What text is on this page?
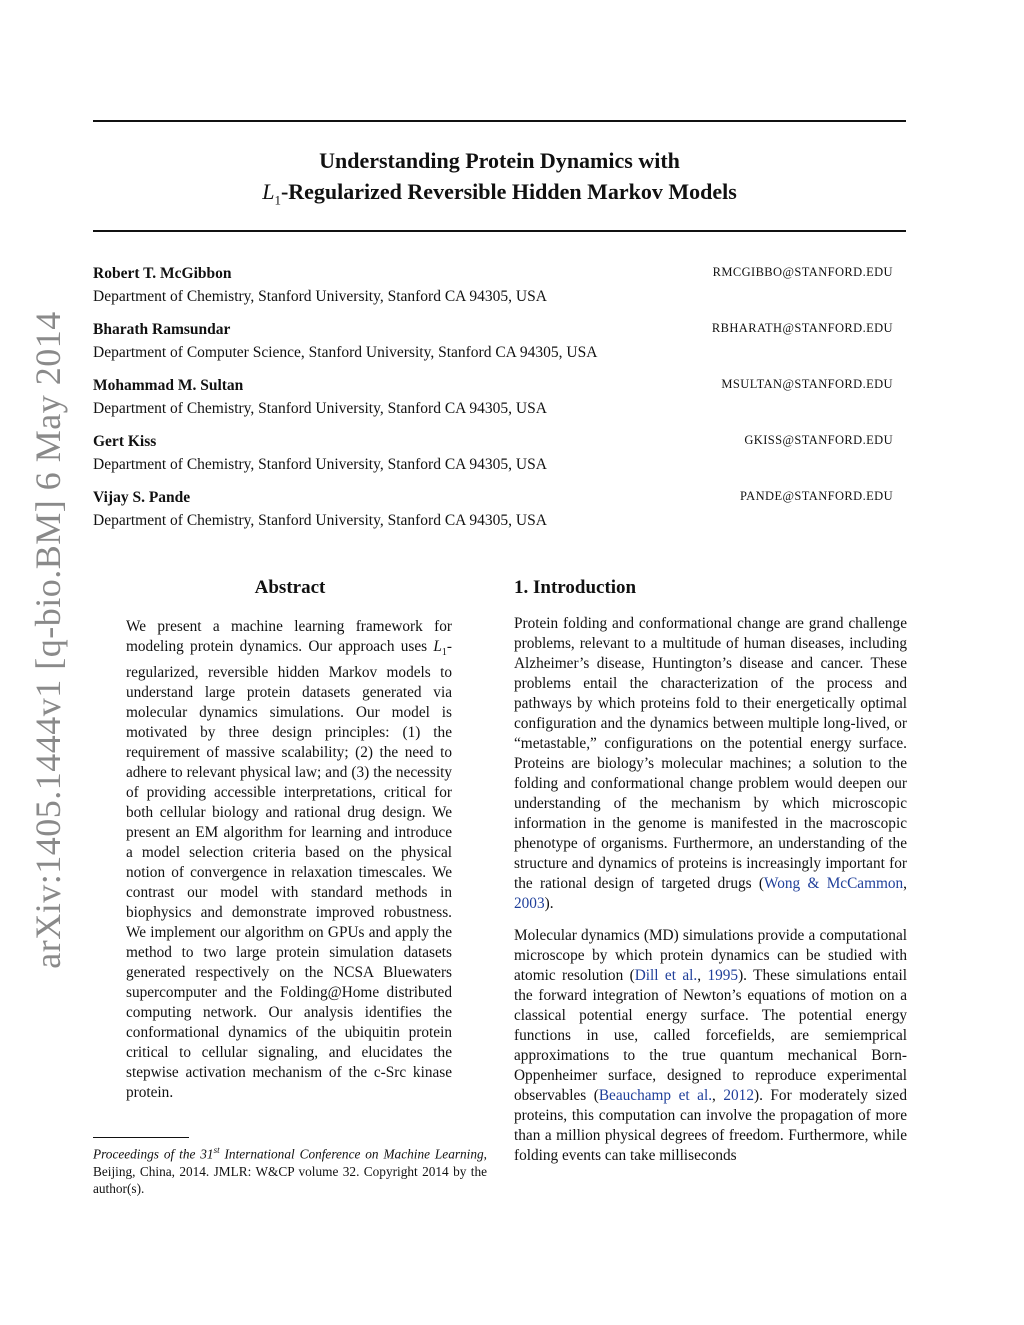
arXiv:1405.1444v1 [q-bio.BM] 6 May 2014
Understanding Protein Dynamics with
$L_1$-Regularized Reversible Hidden Markov Models
Robert T. McGibbon	RMCGIBBO@STANFORD.EDU
Department of Chemistry, Stanford University, Stanford CA 94305, USA
Bharath Ramsundar	RBHARATH@STANFORD.EDU
Department of Computer Science, Stanford University, Stanford CA 94305, USA
Mohammad M. Sultan	MSULTAN@STANFORD.EDU
Department of Chemistry, Stanford University, Stanford CA 94305, USA
Gert Kiss	GKISS@STANFORD.EDU
Department of Chemistry, Stanford University, Stanford CA 94305, USA
Vijay S. Pande	PANDE@STANFORD.EDU
Department of Chemistry, Stanford University, Stanford CA 94305, USA
Abstract
We present a machine learning framework for modeling protein dynamics. Our approach uses $L_1$-regularized, reversible hidden Markov models to understand large protein datasets generated via molecular dynamics simulations. Our model is motivated by three design principles: (1) the requirement of massive scalability; (2) the need to adhere to relevant physical law; and (3) the necessity of providing accessible interpretations, critical for both cellular biology and rational drug design. We present an EM algorithm for learning and introduce a model selection criteria based on the physical notion of convergence in relaxation timescales. We contrast our model with standard methods in biophysics and demonstrate improved robustness. We implement our algorithm on GPUs and apply the method to two large protein simulation datasets generated respectively on the NCSA Bluewaters supercomputer and the Folding@Home distributed computing network. Our analysis identifies the conformational dynamics of the ubiquitin protein critical to cellular signaling, and elucidates the stepwise activation mechanism of the c-Src kinase protein.
Proceedings of the 31st International Conference on Machine Learning, Beijing, China, 2014. JMLR: W&CP volume 32. Copyright 2014 by the author(s).
1. Introduction

Protein folding and conformational change are grand challenge problems, relevant to a multitude of human diseases, including Alzheimer’s disease, Huntington’s disease and cancer. These problems entail the characterization of the process and pathways by which proteins fold to their energetically optimal configuration and the dynamics between multiple long-lived, or “metastable,” configurations on the potential energy surface. Proteins are biology’s molecular machines; a solution to the folding and conformational change problem would deepen our understanding of the mechanism by which microscopic information in the genome is manifested in the macroscopic phenotype of organisms. Furthermore, an understanding of the structure and dynamics of proteins is increasingly important for the rational design of targeted drugs (Wong & McCammon, 2003).

Molecular dynamics (MD) simulations provide a computational microscope by which protein dynamics can be studied with atomic resolution (Dill et al., 1995). These simulations entail the forward integration of Newton’s equations of motion on a classical potential energy surface. The potential energy functions in use, called forcefields, are semiemprical approximations to the true quantum mechanical Born-Oppenheimer surface, designed to reproduce experimental observables (Beauchamp et al., 2012). For moderately sized proteins, this computation can involve the propagation of more than a million physical degrees of freedom. Furthermore, while folding events can take milliseconds
